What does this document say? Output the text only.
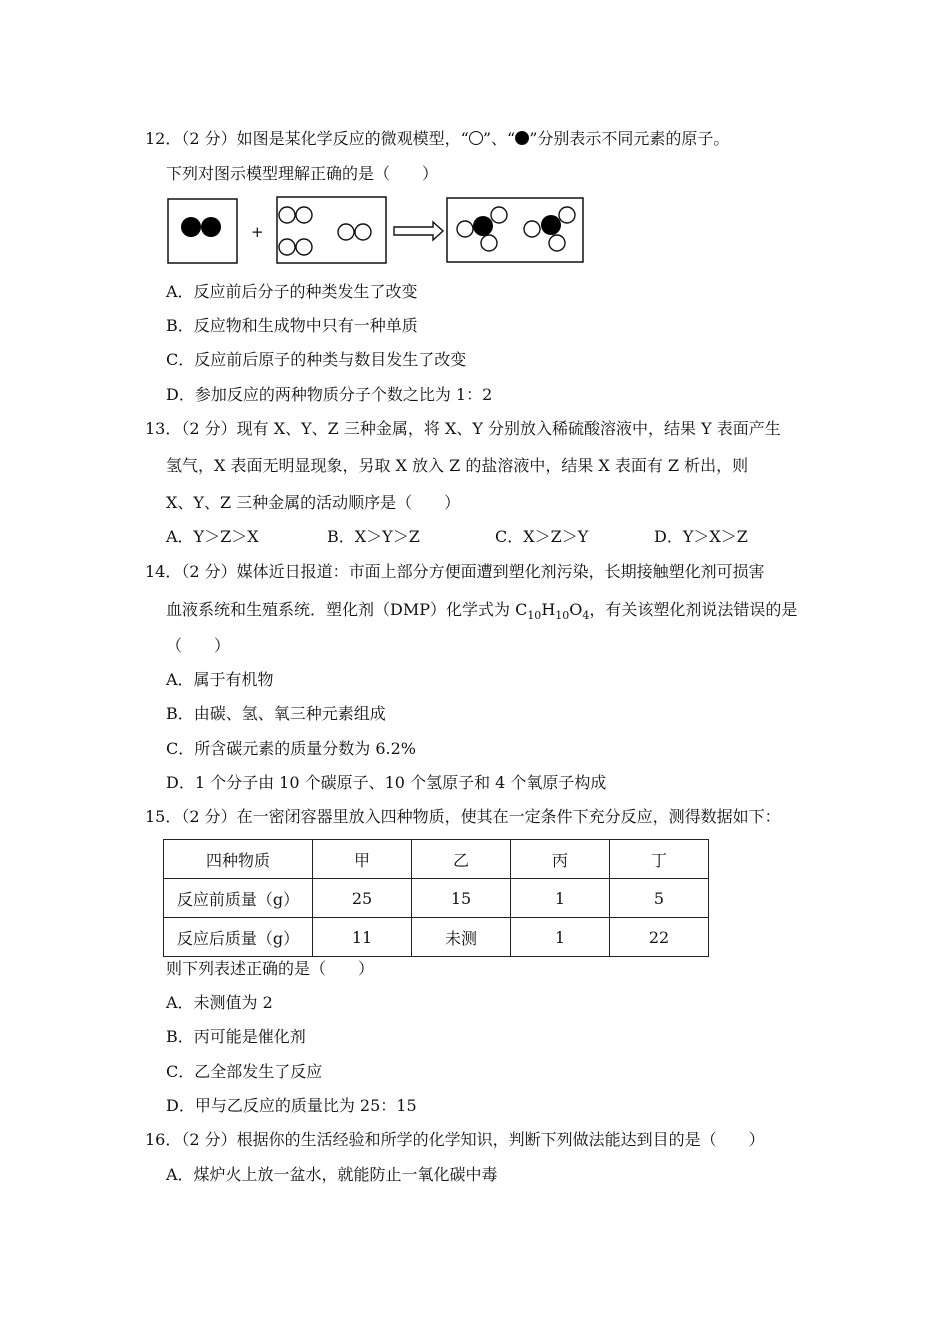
12．（2 分）如图是某化学反应的微观模型，“ ”、“ ”分别表示不同元素的原子。
下列对图示模型理解正确的是（　　）
+
A．反应前后分子的种类发生了改变
B．反应物和生成物中只有一种单质
C．反应前后原子的种类与数目发生了改变
D．参加反应的两种物质分子个数之比为 1：2
13．（2 分）现有 X、Y、Z 三种金属，将 X、Y 分别放入稀硫酸溶液中，结果 Y 表面产生
氢气，X 表面无明显现象，另取 X 放入 Z 的盐溶液中，结果 X 表面有 Z 析出，则
X、Y、Z 三种金属的活动顺序是（　　）
A．Y＞Z＞X	B．X＞Y＞Z	C．X＞Z＞Y	D．Y＞X＞Z
14．（2 分）媒体近日报道：市面上部分方便面遭到塑化剂污染，长期接触塑化剂可损害
血液系统和生殖系统．塑化剂（DMP）化学式为 $C_{10}H_{10}O_4$，有关该塑化剂说法错误的是
（　　）
A．属于有机物
B．由碳、氢、氧三种元素组成
C．所含碳元素的质量分数为 6.2%
D．1 个分子由 10 个碳原子、10 个氢原子和 4 个氧原子构成
15．（2 分）在一密闭容器里放入四种物质，使其在一定条件下充分反应，测得数据如下：
四种物质	甲	乙	丙	丁
反应前质量（g）	25	15	1	5
反应后质量（g）	11	未测	1	22
则下列表述正确的是（　　）
A．未测值为 2
B．丙可能是催化剂
C．乙全部发生了反应
D．甲与乙反应的质量比为 25：15
16．（2 分）根据你的生活经验和所学的化学知识，判断下列做法能达到目的是（　　）
A．煤炉火上放一盆水，就能防止一氧化碳中毒
